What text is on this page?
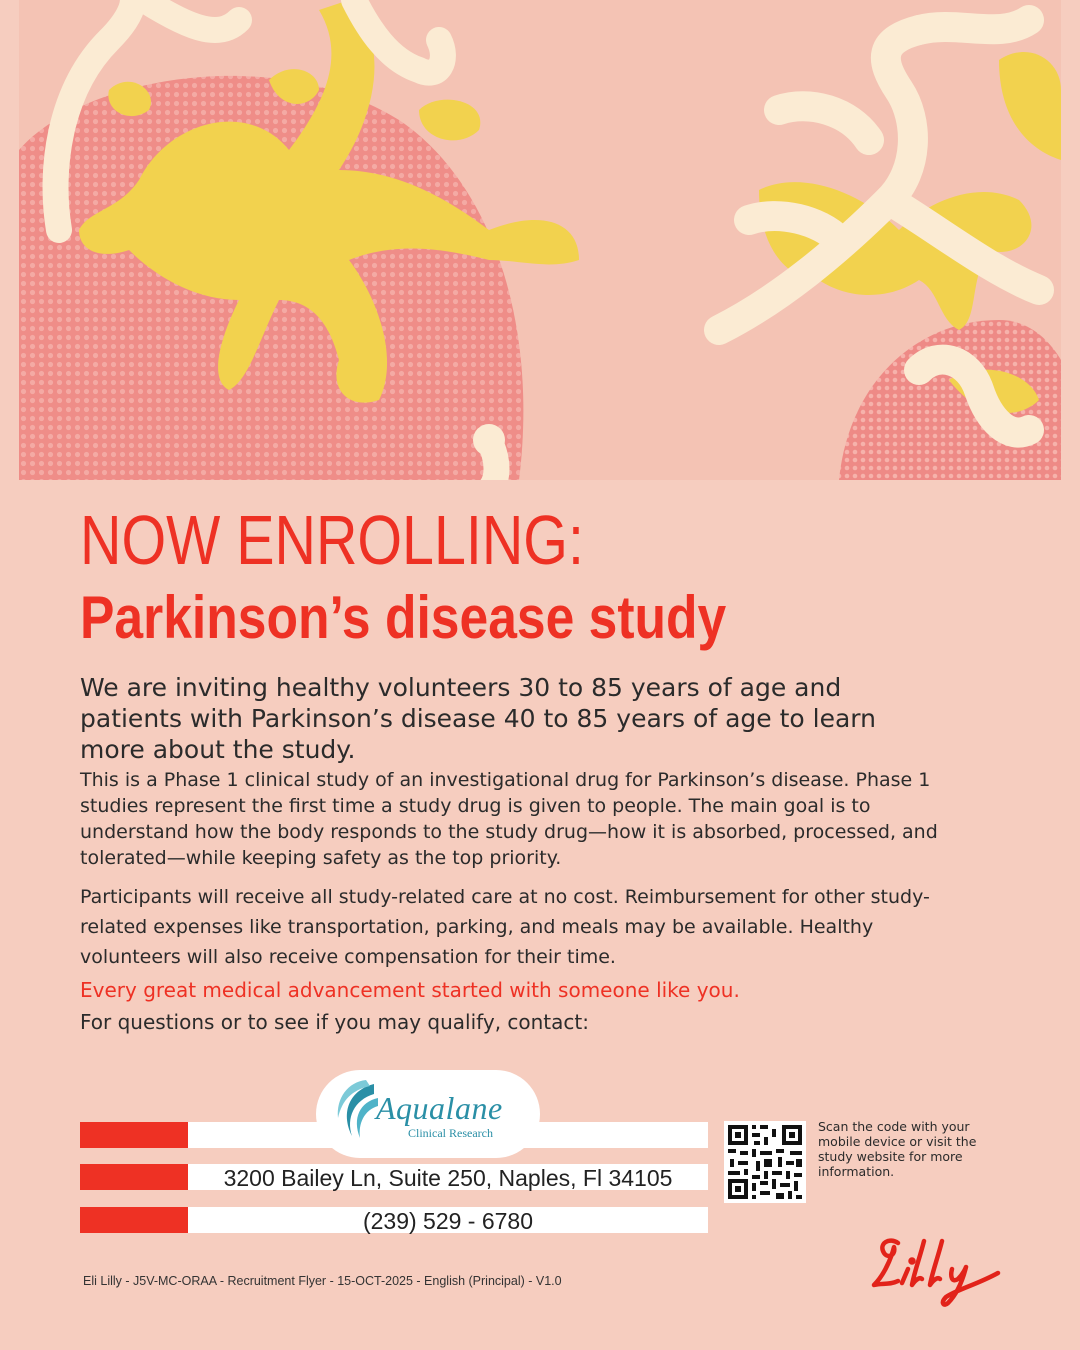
NOW ENROLLING:
Parkinson’s disease study
We are inviting healthy volunteers 30 to 85 years of age and patients with Parkinson’s disease 40 to 85 years of age to learn more about the study.
This is a Phase 1 clinical study of an investigational drug for Parkinson’s disease. Phase 1 studies represent the first time a study drug is given to people. The main goal is to understand how the body responds to the study drug—how it is absorbed, processed, and tolerated—while keeping safety as the top priority.
Participants will receive all study-related care at no cost. Reimbursement for other study-related expenses like transportation, parking, and meals may be available. Healthy volunteers will also receive compensation for their time.
Every great medical advancement started with someone like you.
For questions or to see if you may qualify, contact:
3200 Bailey Ln, Suite 250, Naples, Fl 34105
(239) 529 - 6780
Aqualane
Clinical Research	Scan the code with your mobile device or visit the study website for more information.
Eli Lilly - J5V-MC-ORAA - Recruitment Flyer - 15-OCT-2025 - English (Principal) - V1.0
